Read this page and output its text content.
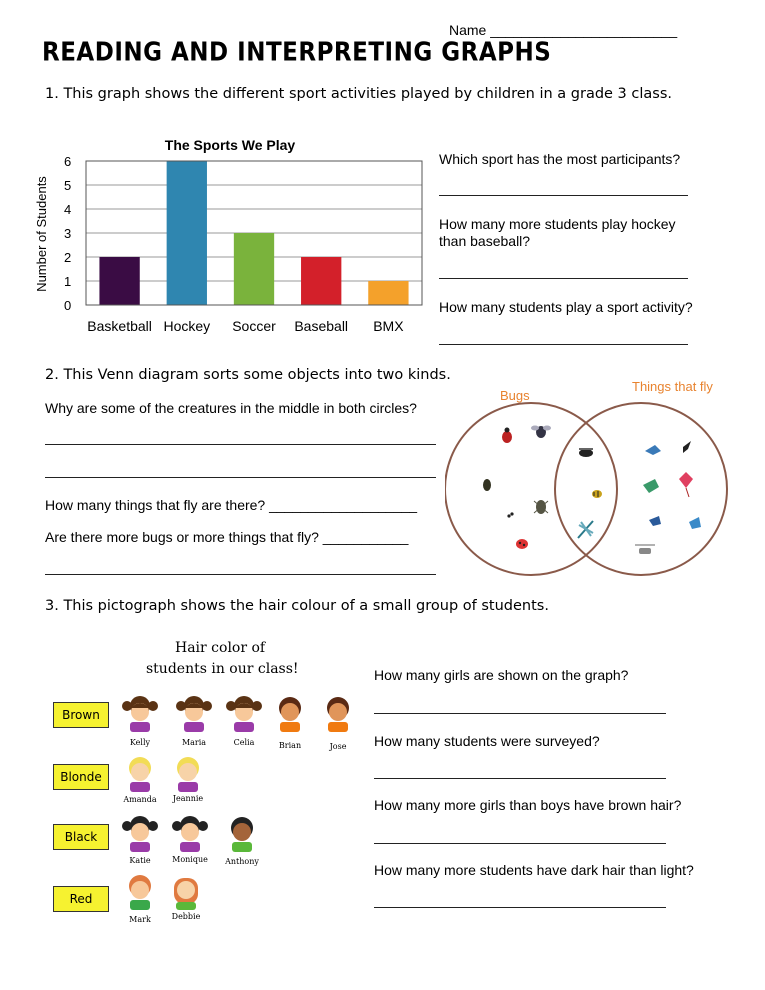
Name ________________________
READING AND INTERPRETING GRAPHS
1. This graph shows the different sport activities played by children in a grade 3 class.
The Sports We Play
Number of Students
0
1
2
3
4
5
6
Basketball Hockey Soccer Baseball BMX
Which sport has the most participants?
How many more students play hockey
than baseball?
How many students play a sport activity?
2. This Venn diagram sorts some objects into two kinds.
Why are some of the creatures in the middle in both circles?
How many things that fly are there? ___________________
Are there more bugs or more things that fly? ___________
Bugs
Things that fly
3. This pictograph shows the hair colour of a small group of students.
Hair color of
students in our class!
Brown
Blonde
Black
Red
Kelly	Maria	Celia	Brian	Jose
Amanda	Jeannie
Katie	Monique	Anthony
Mark	Debbie
How many girls are shown on the graph?
How many students were surveyed?
How many more girls than boys have brown hair?
How many more students have dark hair than light?
